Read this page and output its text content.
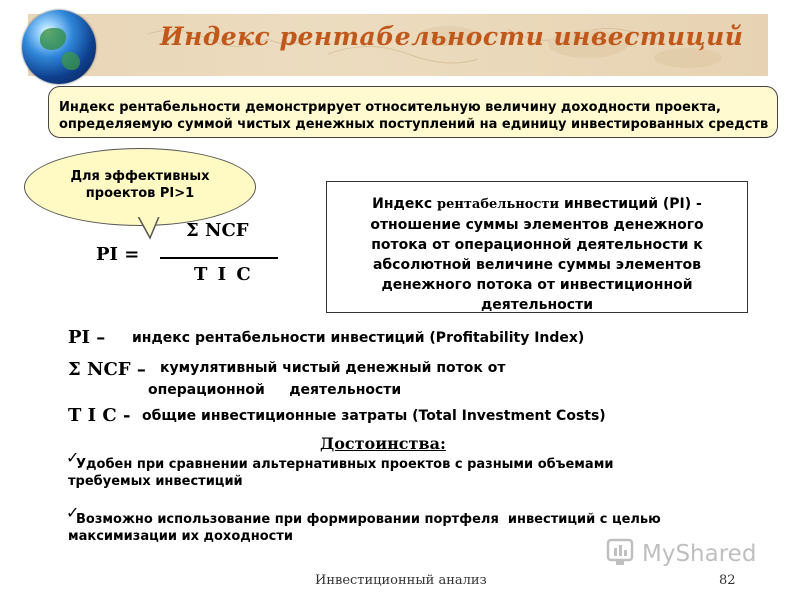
Индекс рентабельности инвестиций
Индекс рентабельности демонстрирует относительную величину доходности проекта,
определяемую суммой чистых денежных поступлений на единицу инвестированных средств
Для эффективных
проектов PI>1
PI =
Σ NCF
T I C
Индекс рентабельности инвестиций (PI) -
отношение суммы элементов денежного
потока от операционной деятельности к
абсолютной величине суммы элементов
денежного потока от инвестиционной
деятельности
PI – индекс рентабельности инвестиций (Profitability Index)
Σ NCF – кумулятивный чистый денежный поток от
операционной     деятельности
T I C - общие инвестиционные затраты (Total Investment Costs)
Достоинства:
✓
Удобен при сравнении альтернативных проектов с разными объемами
требуемых инвестиций
✓
Возможно использование при формировании портфеля  инвестиций с целью
максимизации их доходности
MyShared
Инвестиционный анализ	82
